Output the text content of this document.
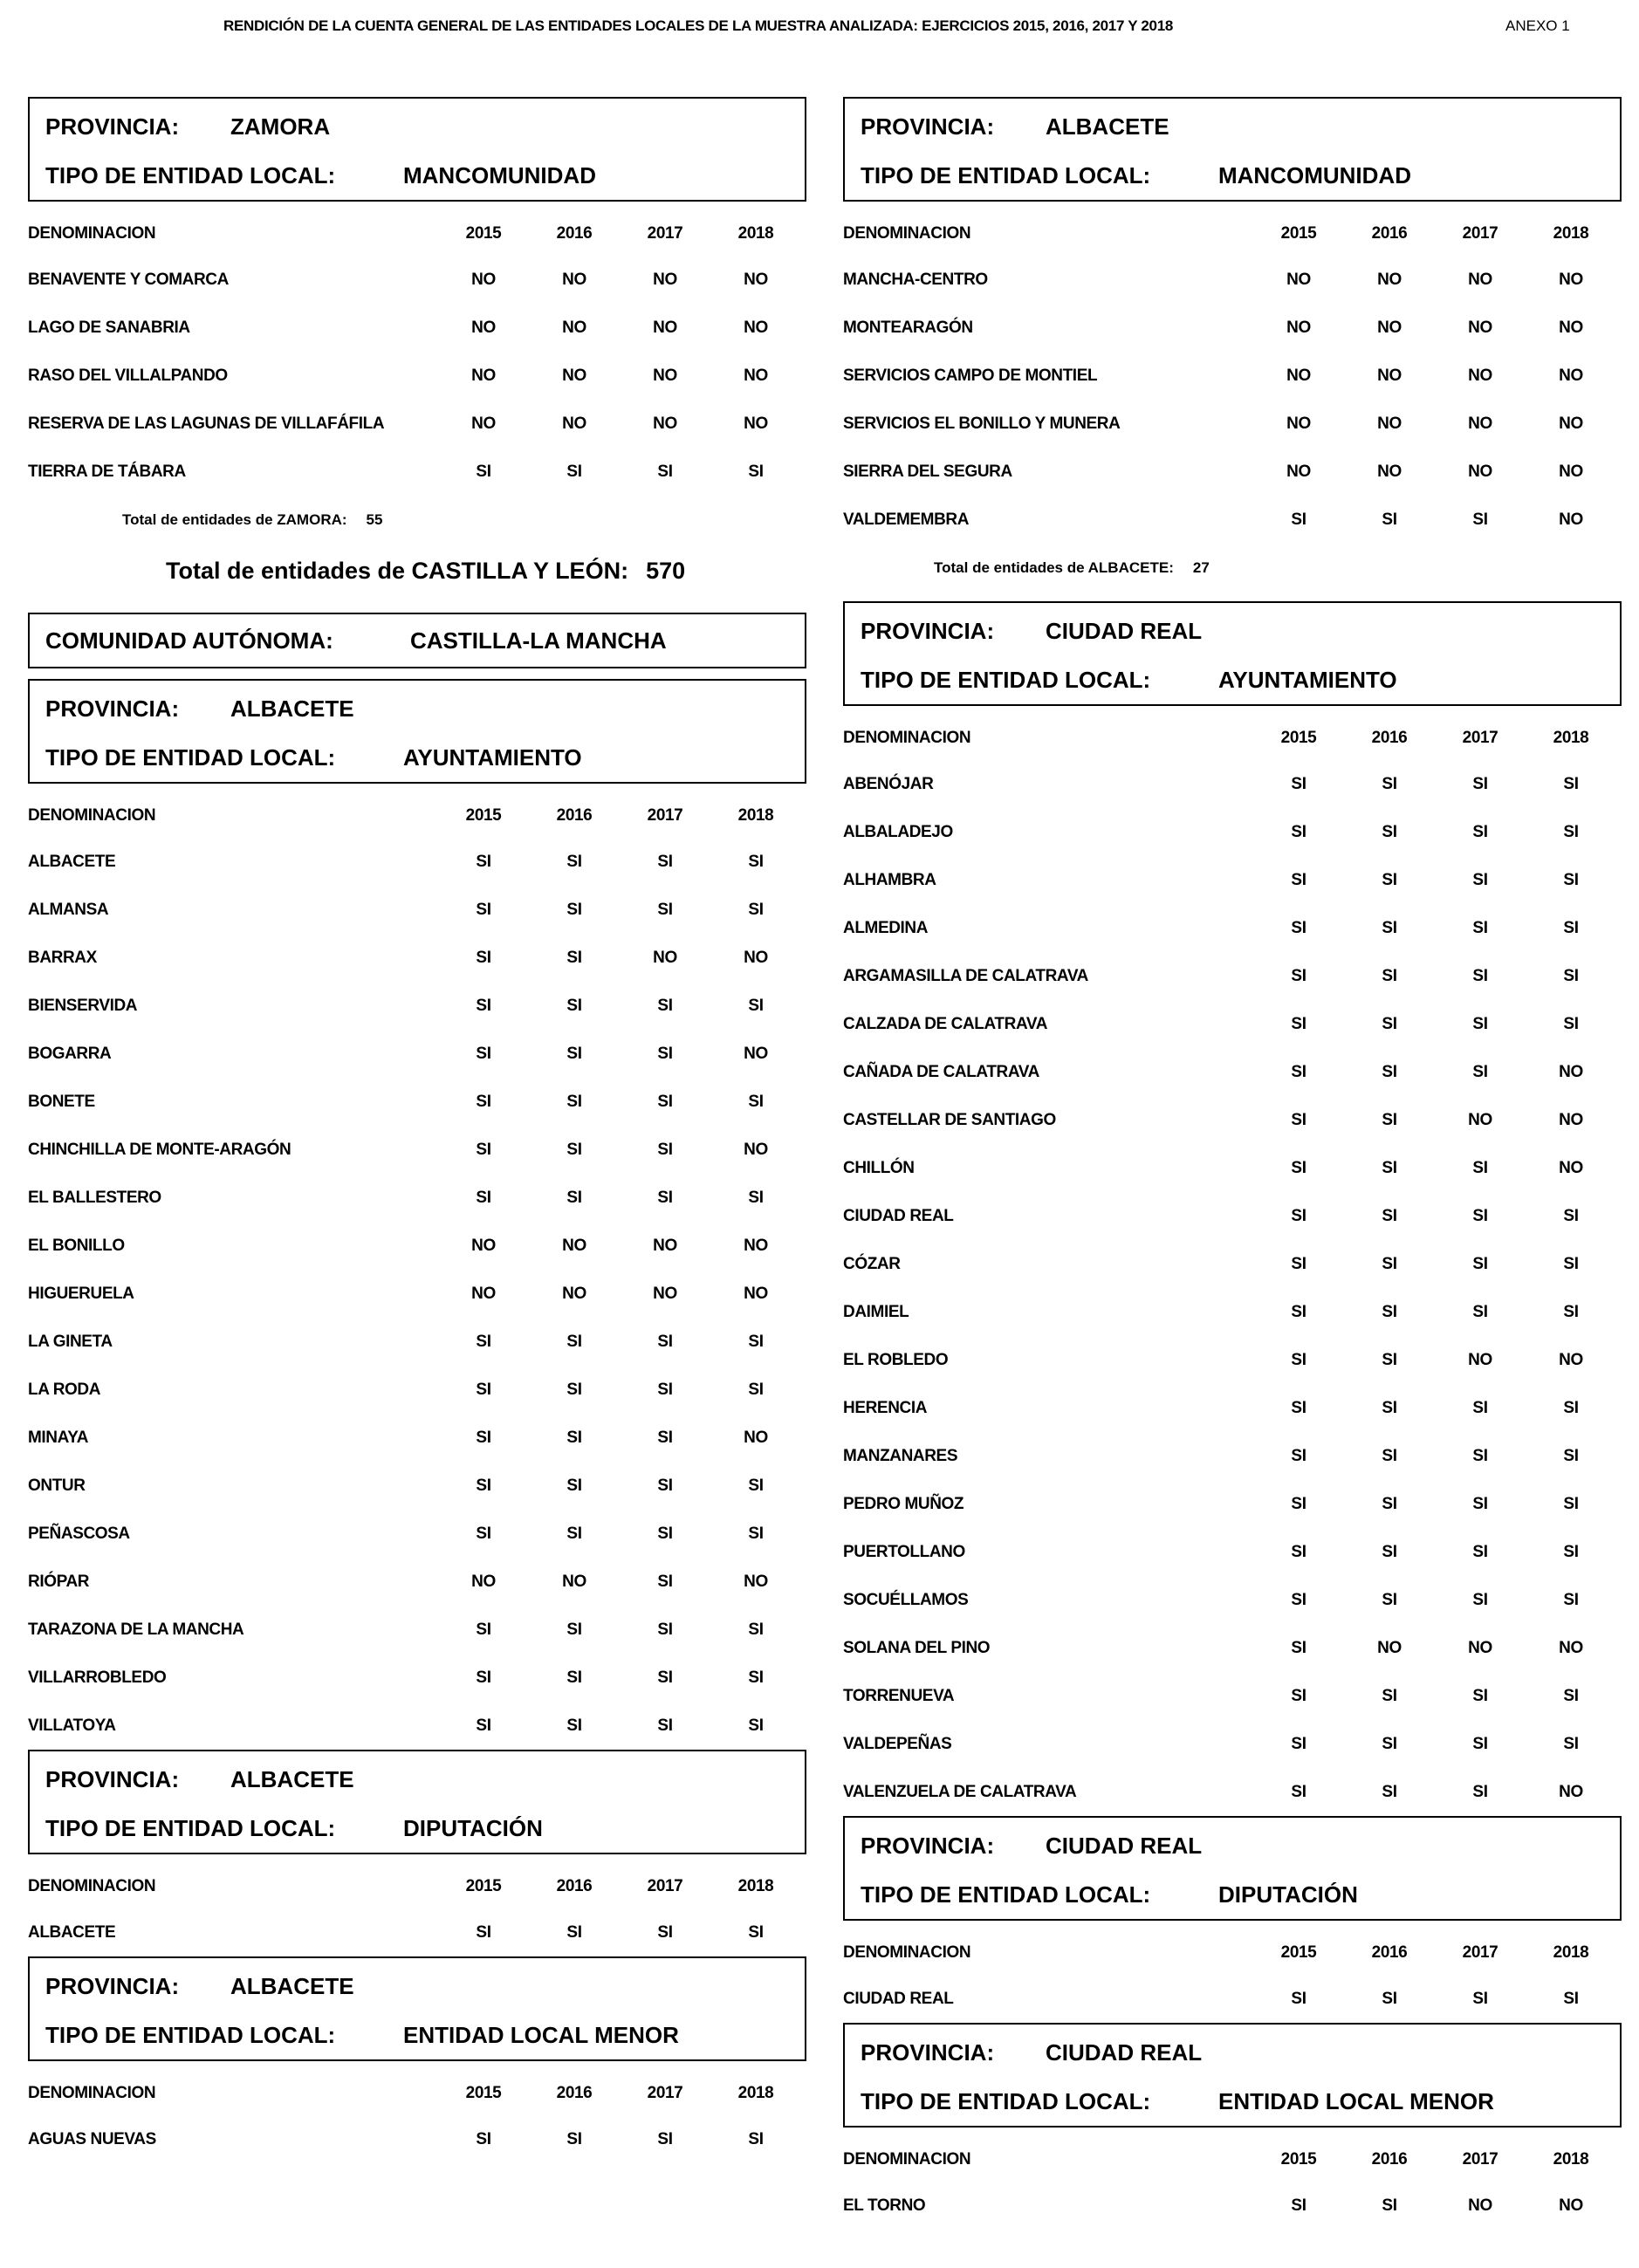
RENDICIÓN DE LA CUENTA GENERAL DE LAS ENTIDADES LOCALES DE LA MUESTRA ANALIZADA: EJERCICIOS 2015, 2016, 2017 Y 2018	ANEXO 1
PROVINCIA:	ZAMORA
TIPO DE ENTIDAD LOCAL:	MANCOMUNIDAD
DENOMINACION	2015	2016	2017	2018
BENAVENTE Y COMARCA	NO	NO	NO	NO
LAGO DE SANABRIA	NO	NO	NO	NO
RASO DEL VILLALPANDO	NO	NO	NO	NO
RESERVA DE LAS LAGUNAS DE VILLAFÁFILA	NO	NO	NO	NO
TIERRA DE TÁBARA	SI	SI	SI	SI
Total de entidades de ZAMORA: 55
Total de entidades de CASTILLA Y LEÓN: 570
COMUNIDAD AUTÓNOMA:	CASTILLA-LA MANCHA
PROVINCIA:	ALBACETE
TIPO DE ENTIDAD LOCAL:	AYUNTAMIENTO
DENOMINACION	2015	2016	2017	2018
ALBACETE	SI	SI	SI	SI
ALMANSA	SI	SI	SI	SI
BARRAX	SI	SI	NO	NO
BIENSERVIDA	SI	SI	SI	SI
BOGARRA	SI	SI	SI	NO
BONETE	SI	SI	SI	SI
CHINCHILLA DE MONTE-ARAGÓN	SI	SI	SI	NO
EL BALLESTERO	SI	SI	SI	SI
EL BONILLO	NO	NO	NO	NO
HIGUERUELA	NO	NO	NO	NO
LA GINETA	SI	SI	SI	SI
LA RODA	SI	SI	SI	SI
MINAYA	SI	SI	SI	NO
ONTUR	SI	SI	SI	SI
PEÑASCOSA	SI	SI	SI	SI
RIÓPAR	NO	NO	SI	NO
TARAZONA DE LA MANCHA	SI	SI	SI	SI
VILLARROBLEDO	SI	SI	SI	SI
VILLATOYA	SI	SI	SI	SI
PROVINCIA:	ALBACETE
TIPO DE ENTIDAD LOCAL:	DIPUTACIÓN
DENOMINACION	2015	2016	2017	2018
ALBACETE	SI	SI	SI	SI
PROVINCIA:	ALBACETE
TIPO DE ENTIDAD LOCAL:	ENTIDAD LOCAL MENOR
DENOMINACION	2015	2016	2017	2018
AGUAS NUEVAS	SI	SI	SI	SI
PROVINCIA:	ALBACETE
TIPO DE ENTIDAD LOCAL:	MANCOMUNIDAD
DENOMINACION	2015	2016	2017	2018
MANCHA-CENTRO	NO	NO	NO	NO
MONTEARAGÓN	NO	NO	NO	NO
SERVICIOS CAMPO DE MONTIEL	NO	NO	NO	NO
SERVICIOS EL BONILLO Y MUNERA	NO	NO	NO	NO
SIERRA DEL SEGURA	NO	NO	NO	NO
VALDEMEMBRA	SI	SI	SI	NO
Total de entidades de ALBACETE: 27
PROVINCIA:	CIUDAD REAL
TIPO DE ENTIDAD LOCAL:	AYUNTAMIENTO
DENOMINACION	2015	2016	2017	2018
ABENÓJAR	SI	SI	SI	SI
ALBALADEJO	SI	SI	SI	SI
ALHAMBRA	SI	SI	SI	SI
ALMEDINA	SI	SI	SI	SI
ARGAMASILLA DE CALATRAVA	SI	SI	SI	SI
CALZADA DE CALATRAVA	SI	SI	SI	SI
CAÑADA DE CALATRAVA	SI	SI	SI	NO
CASTELLAR DE SANTIAGO	SI	SI	NO	NO
CHILLÓN	SI	SI	SI	NO
CIUDAD REAL	SI	SI	SI	SI
CÓZAR	SI	SI	SI	SI
DAIMIEL	SI	SI	SI	SI
EL ROBLEDO	SI	SI	NO	NO
HERENCIA	SI	SI	SI	SI
MANZANARES	SI	SI	SI	SI
PEDRO MUÑOZ	SI	SI	SI	SI
PUERTOLLANO	SI	SI	SI	SI
SOCUÉLLAMOS	SI	SI	SI	SI
SOLANA DEL PINO	SI	NO	NO	NO
TORRENUEVA	SI	SI	SI	SI
VALDEPEÑAS	SI	SI	SI	SI
VALENZUELA DE CALATRAVA	SI	SI	SI	NO
PROVINCIA:	CIUDAD REAL
TIPO DE ENTIDAD LOCAL:	DIPUTACIÓN
DENOMINACION	2015	2016	2017	2018
CIUDAD REAL	SI	SI	SI	SI
PROVINCIA:	CIUDAD REAL
TIPO DE ENTIDAD LOCAL:	ENTIDAD LOCAL MENOR
DENOMINACION	2015	2016	2017	2018
EL TORNO	SI	SI	NO	NO
